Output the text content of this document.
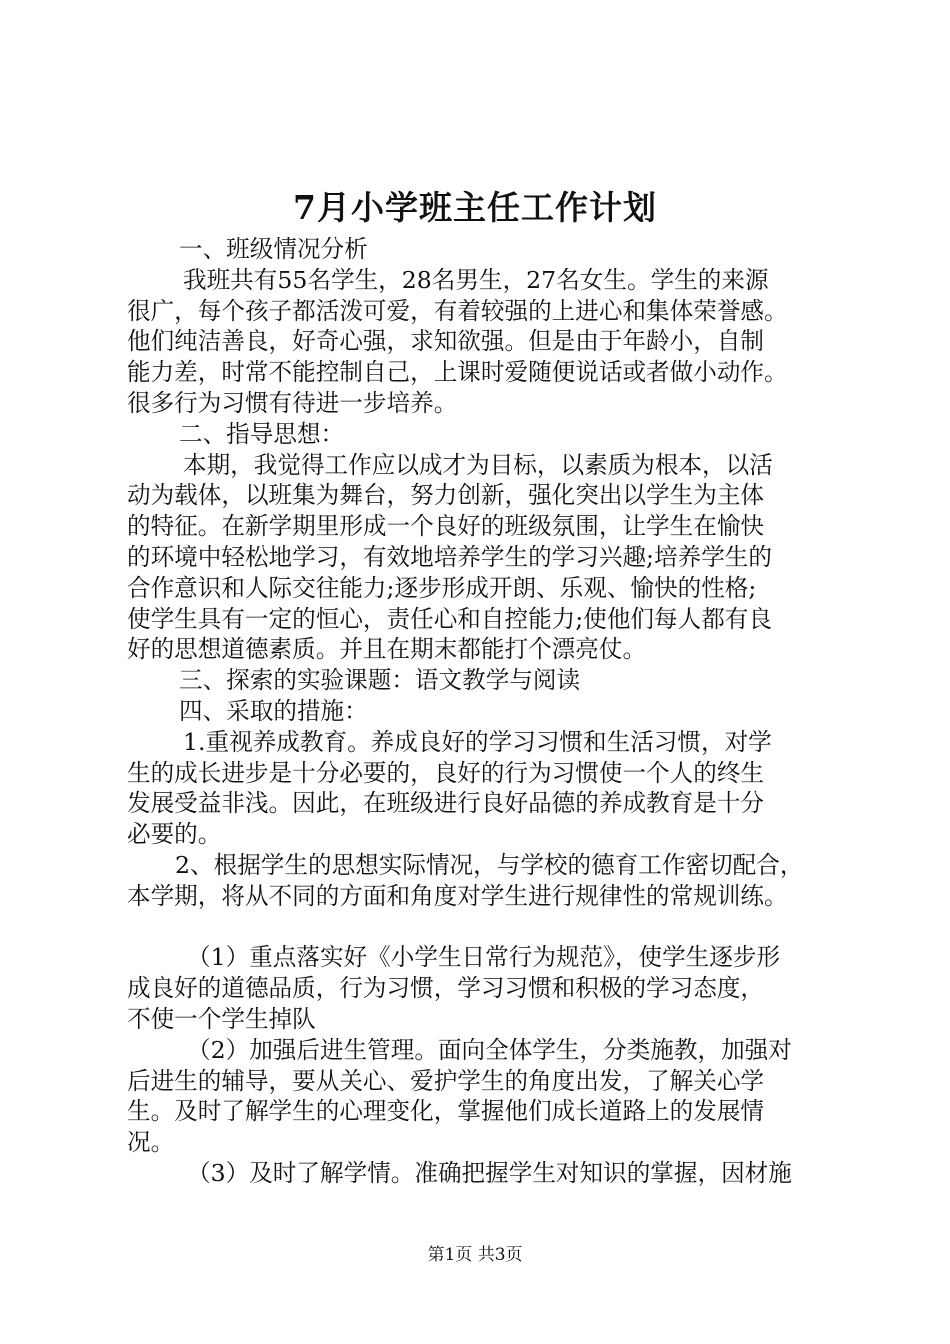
7月小学班主任工作计划
一、班级情况分析
我班共有55名学生，28名男生，27名女生。学生的来源
很广，每个孩子都活泼可爱，有着较强的上进心和集体荣誉感。
他们纯洁善良，好奇心强，求知欲强。但是由于年龄小，自制
能力差，时常不能控制自己，上课时爱随便说话或者做小动作。
很多行为习惯有待进一步培养。
二、指导思想：
本期，我觉得工作应以成才为目标，以素质为根本，以活
动为载体，以班集为舞台，努力创新，强化突出以学生为主体
的特征。在新学期里形成一个良好的班级氛围，让学生在愉快
的环境中轻松地学习，有效地培养学生的学习兴趣;培养学生的
合作意识和人际交往能力;逐步形成开朗、乐观、愉快的性格;
使学生具有一定的恒心，责任心和自控能力;使他们每人都有良
好的思想道德素质。并且在期末都能打个漂亮仗。
三、探索的实验课题：语文教学与阅读
四、采取的措施：
1.重视养成教育。养成良好的学习习惯和生活习惯，对学
生的成长进步是十分必要的，良好的行为习惯使一个人的终生
发展受益非浅。因此，在班级进行良好品德的养成教育是十分
必要的。
2、根据学生的思想实际情况，与学校的德育工作密切配合，
本学期，将从不同的方面和角度对学生进行规律性的常规训练。
（1）重点落实好《小学生日常行为规范》，使学生逐步形
成良好的道德品质，行为习惯，学习习惯和积极的学习态度，
不使一个学生掉队
（2）加强后进生管理。面向全体学生，分类施教，加强对
后进生的辅导，要从关心、爱护学生的角度出发，了解关心学
生。及时了解学生的心理变化，掌握他们成长道路上的发展情
况。
（3）及时了解学情。准确把握学生对知识的掌握，因材施
第1页 共3页
